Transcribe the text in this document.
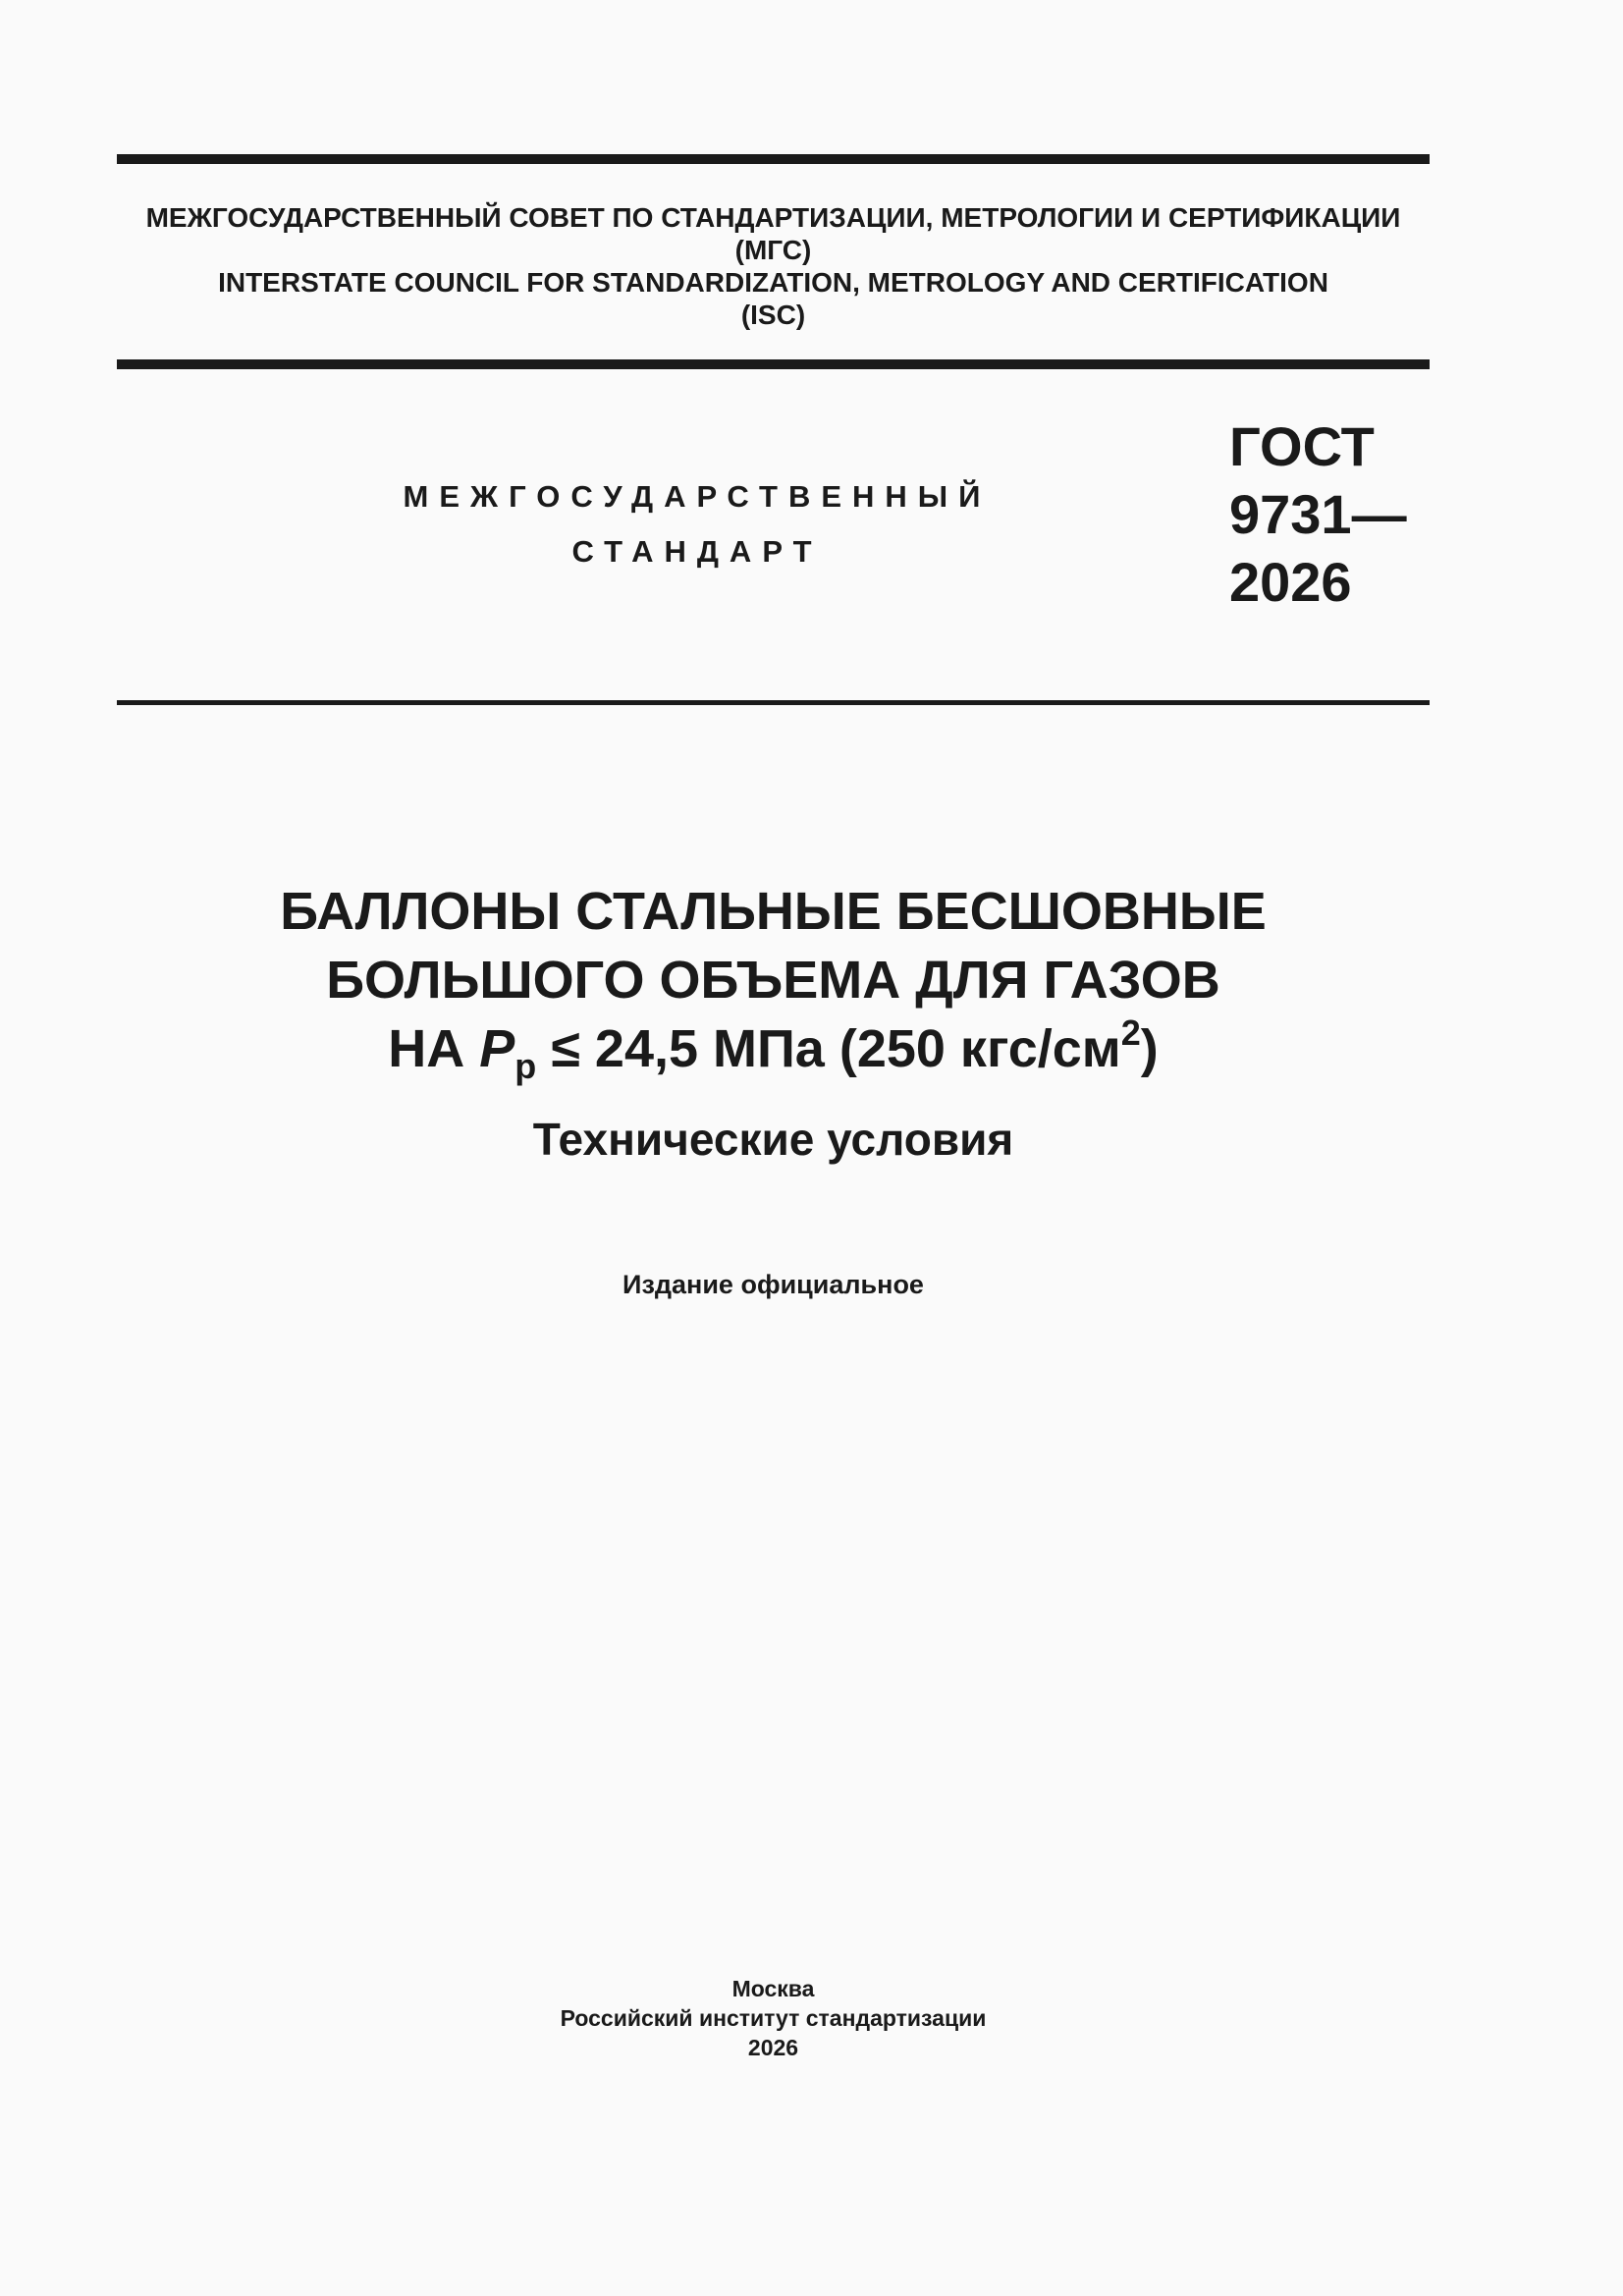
МЕЖГОСУДАРСТВЕННЫЙ СОВЕТ ПО СТАНДАРТИЗАЦИИ, МЕТРОЛОГИИ И СЕРТИФИКАЦИИ
(МГС)
INTERSTATE COUNCIL FOR STANDARDIZATION, METROLOGY AND CERTIFICATION
(ISC)
МЕЖГОСУДАРСТВЕННЫЙ
СТАНДАРТ
ГОСТ
9731—
2026
БАЛЛОНЫ СТАЛЬНЫЕ БЕСШОВНЫЕ
БОЛЬШОГО ОБЪЕМА ДЛЯ ГАЗОВ
НА $P_p \le 24,5$ МПа (250 кгс/$см^2$)
Технические условия
Издание официальное
Москва
Российский институт стандартизации
2026
